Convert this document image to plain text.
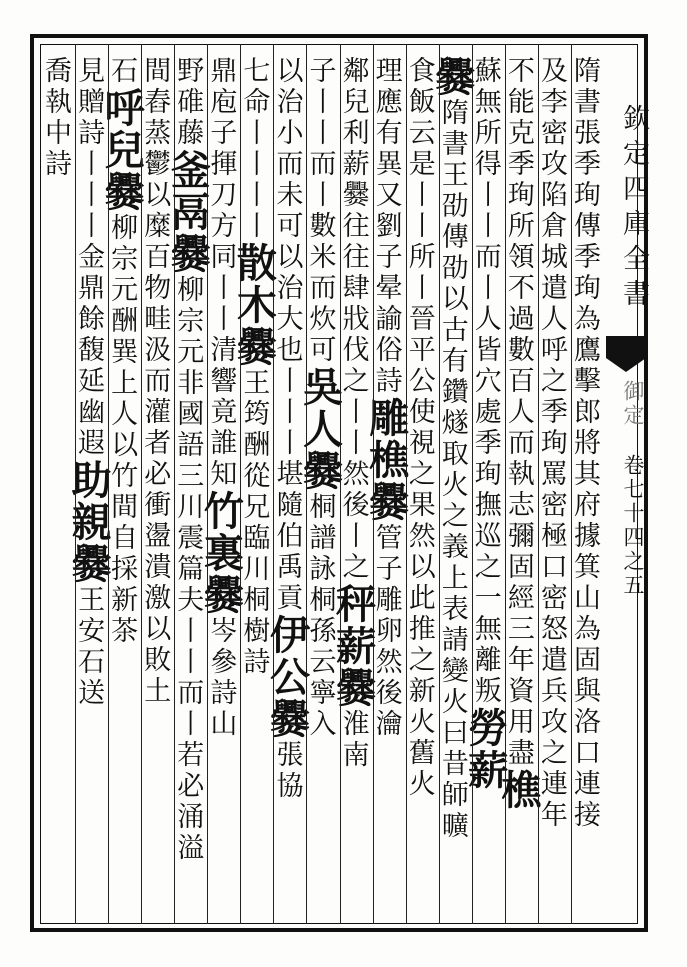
欽定四庫全書
御定
卷七十四之五
隋書張季珣傳季珣為鷹擊郎將其府據箕山為固與洛口連接
及李密攻陷倉城遣人呼之季珣罵密極口密怒遣兵攻之連年
不能克季珣所領不過數百人而執志彌固經三年資用盡樵
蘇無所得丨丨而丨人皆穴處季珣撫巡之一無離叛勞薪
爨隋書王劭傳劭以古有鑽燧取火之義上表請變火曰昔師曠
食飯云是丨丨所丨晉平公使視之果然以此推之新火舊火
理應有異又劉子晕諭俗詩雕樵爨管子雕卵然後瀹
鄰兒利薪爨往往肆戕伐之丨丨然後丨之秤薪爨淮南
子丨丨而丨數米而炊可吳人爨桐譜詠桐孫云寧入
以治小而未可以治大也丨丨丨堪隨伯禹貢伊公爨張協
七命丨丨丨丨散木爨王筠酬從兄臨川桐樹詩
鼎庖子揮刀方同丨丨清響竟誰知竹裏爨岑參詩山
野碓藤釜鬲爨柳宗元非國語三川震篇夫丨丨而丨若必涌溢
間舂蒸鬱以糜百物畦汲而灌者必衝盪潰激以敗土
石呼兒爨柳宗元酬巽上人以竹間自採新茶
見贈詩丨丨丨金鼎餘馥延幽遐助親爨王安石送
喬執中詩
